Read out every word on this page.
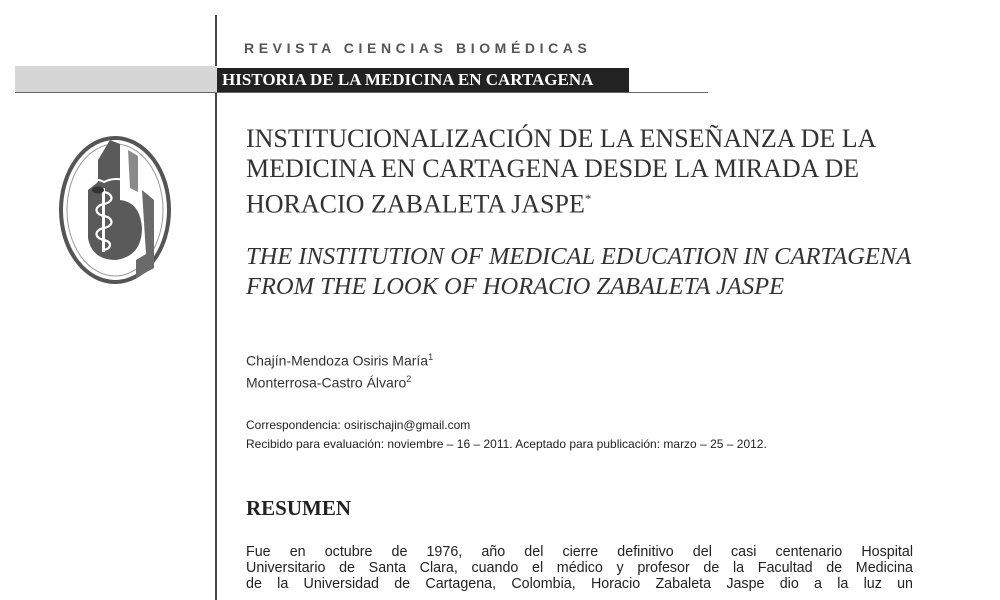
REVISTA CIENCIAS BIOMÉDICAS
HISTORIA DE LA MEDICINA EN CARTAGENA
INSTITUCIONALIZACIÓN DE LA ENSEÑANZA DE LA
MEDICINA EN CARTAGENA DESDE LA MIRADA DE
HORACIO ZABALETA JASPE*
THE INSTITUTION OF MEDICAL EDUCATION IN CARTAGENA
FROM THE LOOK OF HORACIO ZABALETA JASPE
Chajín-Mendoza Osiris María$^1$
Monterrosa-Castro Álvaro$^2$
Correspondencia: osirischajin@gmail.com
Recibido para evaluación: noviembre – 16 – 2011. Aceptado para publicación: marzo – 25 – 2012.
RESUMEN
Fue en octubre de 1976, año del cierre definitivo del casi centenario Hospital
Universitario de Santa Clara, cuando el médico y profesor de la Facultad de Medicina
de la Universidad de Cartagena, Colombia, Horacio Zabaleta Jaspe dio a la luz un
